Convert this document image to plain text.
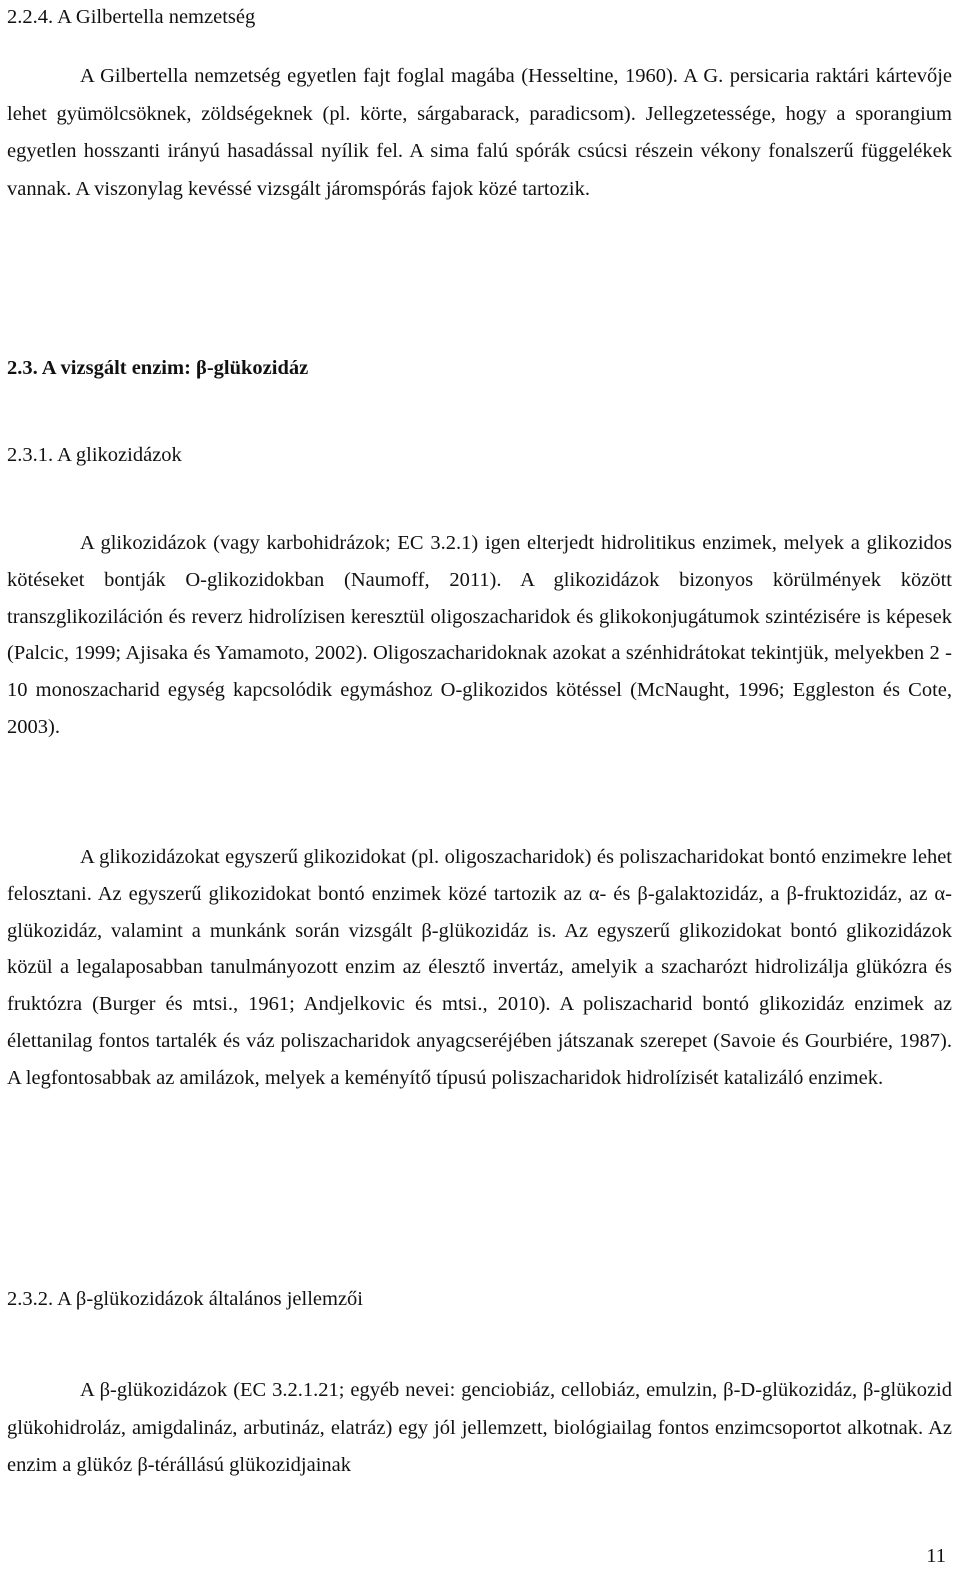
2.2.4. A Gilbertella nemzetség

A Gilbertella nemzetség egyetlen fajt foglal magába (Hesseltine, 1960). A G. persicaria raktári kártevője lehet gyümölcsöknek, zöldségeknek (pl. körte, sárgabarack, paradicsom). Jellegzetessége, hogy a sporangium egyetlen hosszanti irányú hasadással nyílik fel. A sima falú spórák csúcsi részein vékony fonalszerű függelékek vannak. A viszonylag kevéssé vizsgált járomspórás fajok közé tartozik.

2.3. A vizsgált enzim: β-glükozidáz
2.3.1. A glikozidázok

A glikozidázok (vagy karbohidrázok; EC 3.2.1) igen elterjedt hidrolitikus enzimek, melyek a glikozidos kötéseket bontják O-glikozidokban (Naumoff, 2011). A glikozidázok bizonyos körülmények között transzglikoziláción és reverz hidrolízisen keresztül oligoszacharidok és glikokonjugátumok szintézisére is képesek (Palcic, 1999; Ajisaka és Yamamoto, 2002). Oligoszacharidoknak azokat a szénhidrátokat tekintjük, melyekben 2 - 10 monoszacharid egység kapcsolódik egymáshoz O-glikozidos kötéssel (McNaught, 1996; Eggleston és Cote, 2003).

A glikozidázokat egyszerű glikozidokat (pl. oligoszacharidok) és poliszacharidokat bontó enzimekre lehet felosztani. Az egyszerű glikozidokat bontó enzimek közé tartozik az α- és β-galaktozidáz, a β-fruktozidáz, az α-glükozidáz, valamint a munkánk során vizsgált β-glükozidáz is. Az egyszerű glikozidokat bontó glikozidázok közül a legalaposabban tanulmányozott enzim az élesztő invertáz, amelyik a szacharózt hidrolizálja glükózra és fruktózra (Burger és mtsi., 1961; Andjelkovic és mtsi., 2010). A poliszacharid bontó glikozidáz enzimek az élettanilag fontos tartalék és váz poliszacharidok anyagcseréjében játszanak szerepet (Savoie és Gourbiére, 1987). A legfontosabbak az amilázok, melyek a keményítő típusú poliszacharidok hidrolízisét katalizáló enzimek.

2.3.2. A β-glükozidázok általános jellemzői

A β-glükozidázok (EC 3.2.1.21; egyéb nevei: genciobiáz, cellobiáz, emulzin, β-D-glükozidáz, β-glükozid glükohidroláz, amigdalináz, arbutináz, elatráz) egy jól jellemzett, biológiailag fontos enzimcsoportot alkotnak. Az enzim a glükóz β-térállású glükozidjainak

11
